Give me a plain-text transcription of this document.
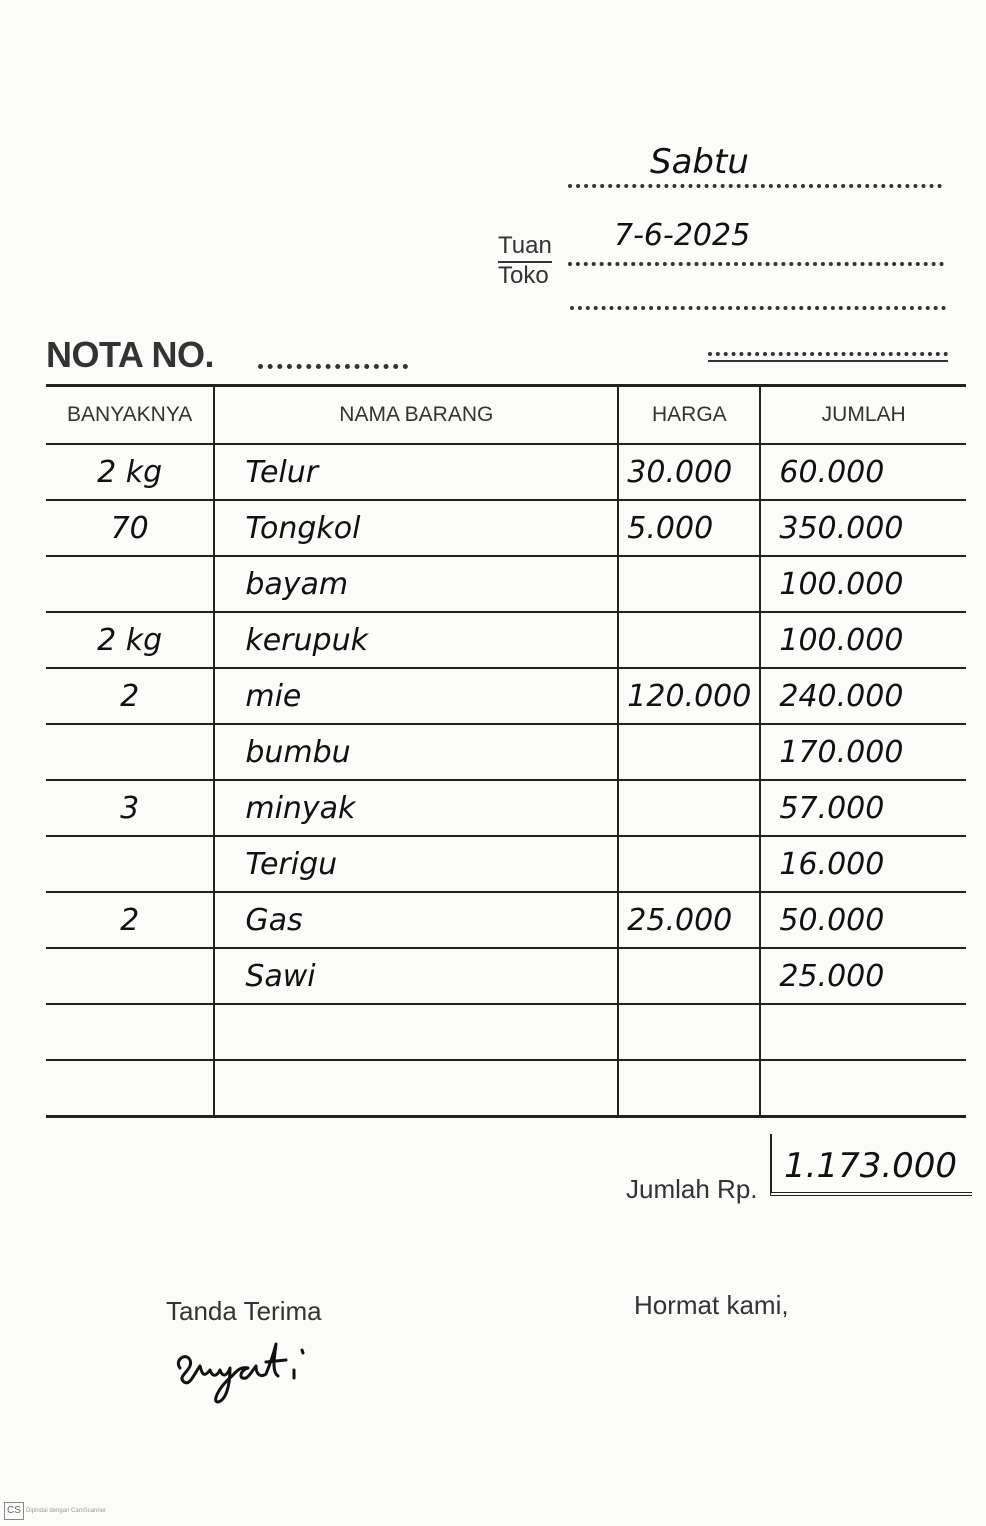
Sabtu
Tuan
Toko
7-6-2025
NOTA NO.
BANYAKNYA	NAMA BARANG	HARGA	JUMLAH
2 kg	Telur	30.000	60.000
70	Tongkol	5.000	350.000
	bayam		100.000
2 kg	kerupuk		100.000
2	mie	120.000	240.000
	bumbu		170.000
3	minyak		57.000
	Terigu		16.000
2	Gas	25.000	50.000
	Sawi		25.000

Jumlah Rp.
1.173.000
Tanda Terima	Hormat kami,
CS Dipindai dengan CamScanner
